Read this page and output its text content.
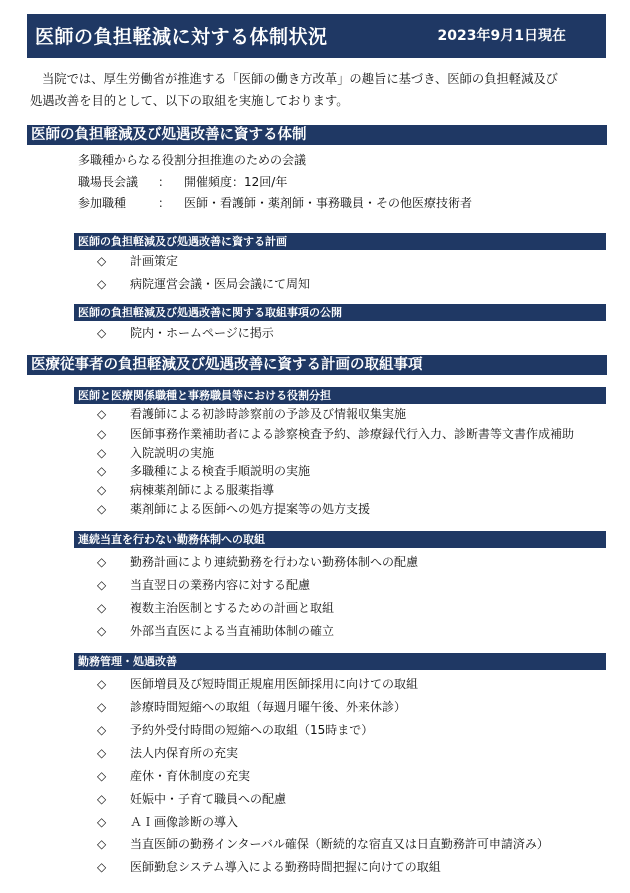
医師の負担軽減に対する体制状況	2023年9月1日現在

当院では、厚生労働省が推進する「医師の働き方改革」の趣旨に基づき、医師の負担軽減及び

処遇改善を目的として、以下の取組を実施しております。

医師の負担軽減及び処遇改善に資する体制
多職種からなる役割分担推進のための会議
職場長会議 ： 開催頻度：12回/年
参加職種	： 医師・看護師・薬剤師・事務職員・その他医療技術者
医師の負担軽減及び処遇改善に資する計画
◇ 計画策定
◇ 病院運営会議・医局会議にて周知
医師の負担軽減及び処遇改善に関する取組事項の公開
◇ 院内・ホームページに掲示
医療従事者の負担軽減及び処遇改善に資する計画の取組事項
医師と医療関係職種と事務職員等における役割分担
◇ 看護師による初診時診察前の予診及び情報収集実施
◇ 医師事務作業補助者による診察検査予約、診療録代行入力、診断書等文書作成補助
◇ 入院説明の実施
◇ 多職種による検査手順説明の実施
◇ 病棟薬剤師による服薬指導
◇ 薬剤師による医師への処方提案等の処方支援
連続当直を行わない勤務体制への取組
◇ 勤務計画により連続勤務を行わない勤務体制への配慮
◇ 当直翌日の業務内容に対する配慮
◇ 複数主治医制とするための計画と取組
◇ 外部当直医による当直補助体制の確立
勤務管理・処遇改善
◇ 医師増員及び短時間正規雇用医師採用に向けての取組
◇ 診療時間短縮への取組（毎週月曜午後、外来休診）
◇ 予約外受付時間の短縮への取組（15時まで）
◇ 法人内保育所の充実
◇ 産休・育休制度の充実
◇ 妊娠中・子育て職員への配慮
◇ ＡＩ画像診断の導入
◇ 当直医師の勤務インターバル確保（断続的な宿直又は日直勤務許可申請済み）
◇ 医師勤怠システム導入による勤務時間把握に向けての取組
